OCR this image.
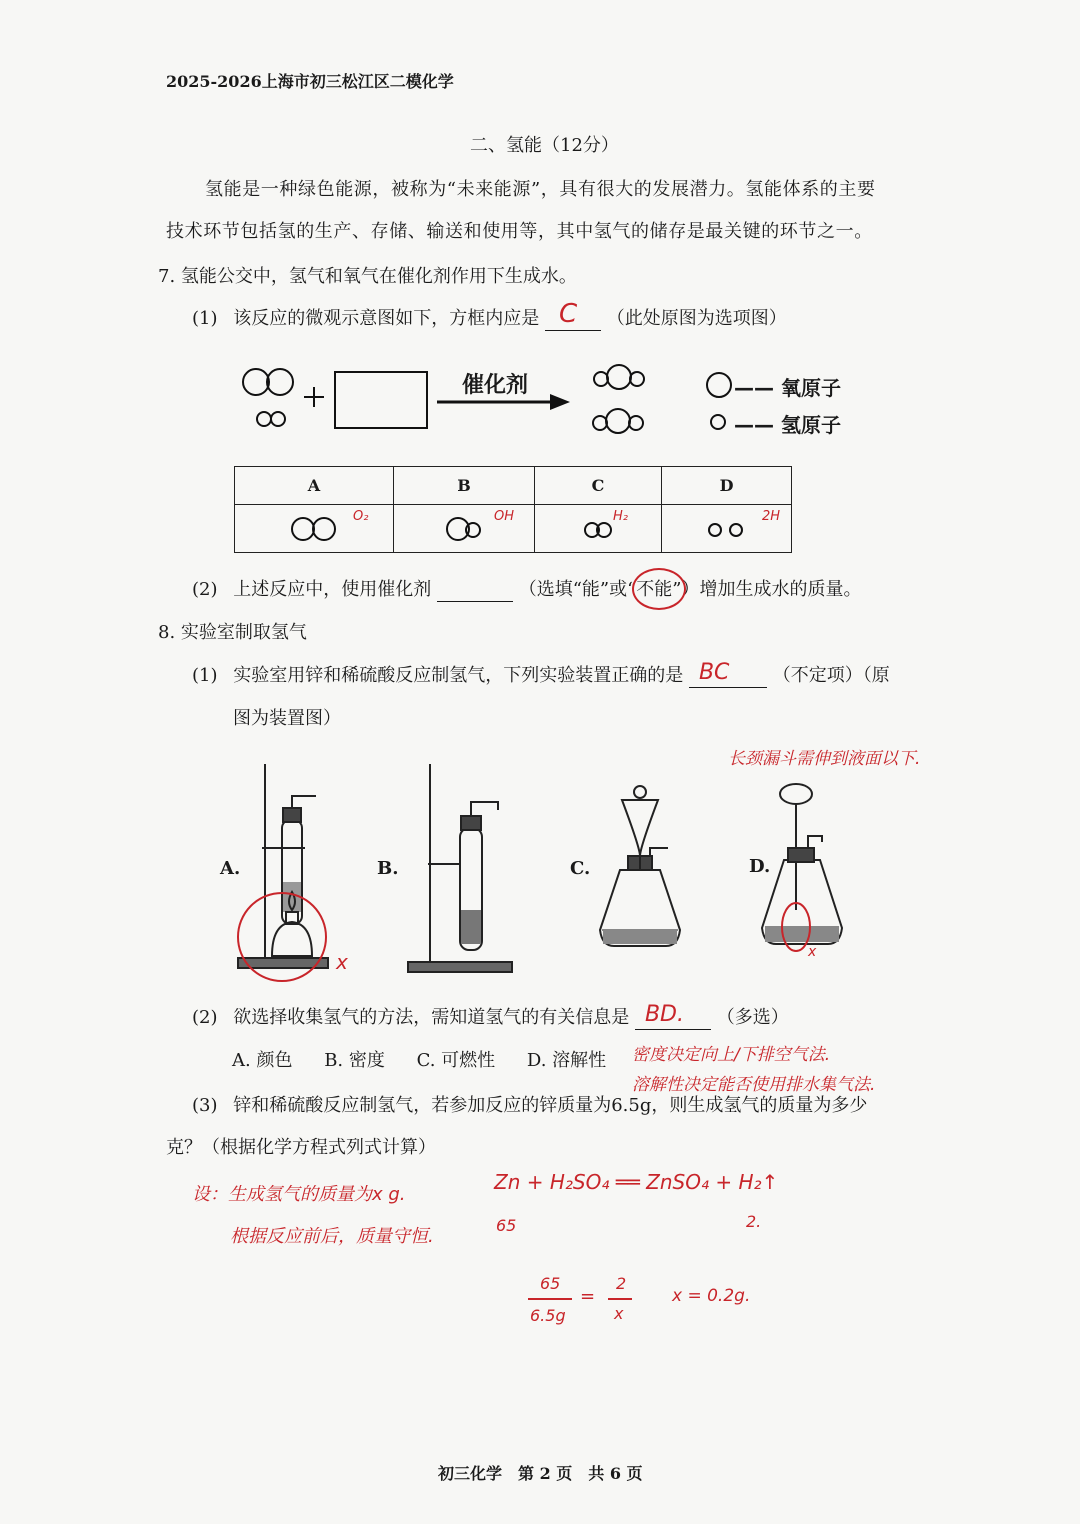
2025-2026上海市初三松江区二模化学
二、氢能（12分）
氢能是一种绿色能源，被称为“未来能源”，具有很大的发展潜力。氢能体系的主要
技术环节包括氢的生产、存储、输送和使用等，其中氢气的储存是最关键的环节之一。
7. 氢能公交中，氢气和氧气在催化剂作用下生成水。
(1) 该反应的微观示意图如下，方框内应是 C （此处原图为选项图）
催化剂	—— 氧原子
—— 氢原子
A	B	C	D

O₂	OH	H₂	2H
(2) 上述反应中，使用催化剂	（选填“能”或“不能”）增加生成水的质量。
8. 实验室制取氢气
(1) 实验室用锌和稀硫酸反应制氢气，下列实验装置正确的是 BC （不定项）（原
图为装置图）
长颈漏斗需伸到液面以下.
A.	B.	C.	D.
x	x
(2) 欲选择收集氢气的方法，需知道氢气的有关信息是 BD. （多选）
A. 颜色 B. 密度 C. 可燃性 D. 溶解性 密度决定向上/下排空气法.
溶解性决定能否使用排水集气法.
(3) 锌和稀硫酸反应制氢气，若参加反应的锌质量为6.5g，则生成氢气的质量为多少
克？（根据化学方程式列式计算）
设：生成氢气的质量为x g.
根据反应前后，质量守恒.
Zn + H₂SO₄ ══ ZnSO₄ + H₂↑
65	2.
65
6.5g
=
2
x
x = 0.2g.
初三化学　第 2 页　共 6 页
